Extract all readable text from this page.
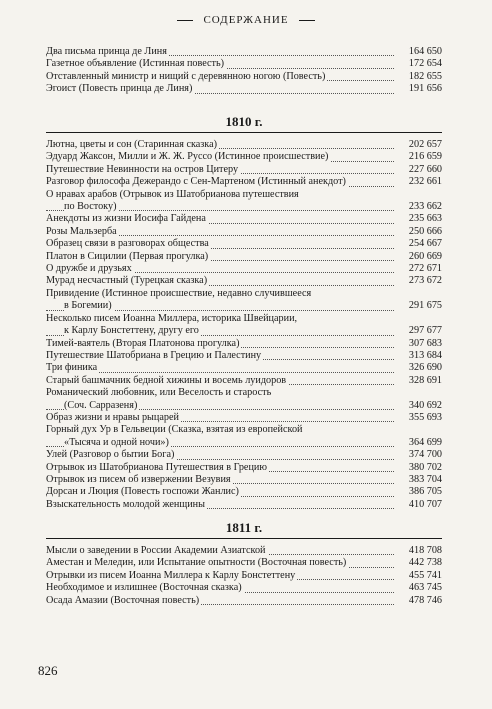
СОДЕРЖАНИЕ
Два письма принца де Линя	164 650
Газетное объявление (Истинная повесть)	172 654
Отставленный министр и нищий с деревянною ногою (Повесть)	182 655
Эгоист (Повесть принца де Линя)	191 656
1810 г.
Лютна, цветы и сон (Старинная сказка)	202 657
Эдуард Жаксон, Милли и Ж. Ж. Руссо (Истинное происшествие)	216 659
Путешествие Невинности на остров Цитеру	227 660
Разговор философа Дежерандо с Сен-Мартеном (Истинный анекдот)	232 661
О нравах арабов (Отрывок из Шатобрианова путешествия
по Востоку)	233 662
Анекдоты из жизни Иосифа Гайдена	235 663
Розы Мальзерба	250 666
Образец связи в разговорах общества	254 667
Платон в Сицилии (Первая прогулка)	260 669
О дружбе и друзьях	272 671
Мурад несчастный (Турецкая сказка)	273 672
Привидение (Истинное происшествие, недавно случившееся
в Богемии)	291 675
Несколько писем Иоанна Миллера, историка Швейцарии,
к Карлу Бонстеттену, другу его	297 677
Тимей-ваятель (Вторая Платонова прогулка)	307 683
Путешествие Шатобриана в Грецию и Палестину	313 684
Три финика	326 690
Старый башмачник бедной хижины и восемь луидоров	328 691
Романический любовник, или Веселость и старость
(Соч. Сарразеня)	340 692
Образ жизни и нравы рыцарей	355 693
Горный дух Ур в Гельвеции (Сказка, взятая из европейской
«Тысяча и одной ночи»)	364 699
Улей (Разговор о бытии Бога)	374 700
Отрывок из Шатобрианова Путешествия в Грецию	380 702
Отрывок из писем об извержении Везувия	383 704
Дорсан и Люция (Повесть госпожи Жанлис)	386 705
Взыскательность молодой женщины	410 707
1811 г.
Мысли о заведении в России Академии Азиатской	418 708
Аместан и Меледин, или Испытание опытности (Восточная повесть)	442 738
Отрывки из писем Иоанна Миллера к Карлу Бонстеттену	455 741
Необходимое и излишнее (Восточная сказка)	463 745
Осада Амазии (Восточная повесть)	478 746
826
